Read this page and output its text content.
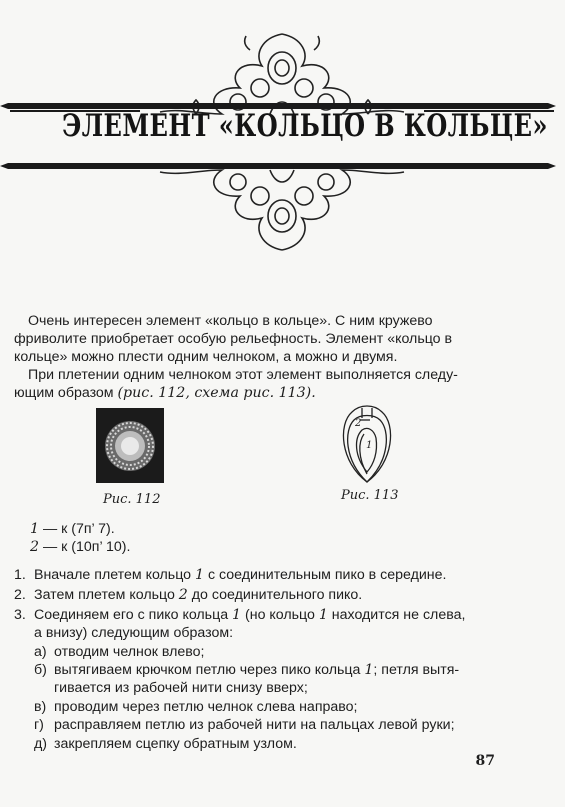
ЭЛЕМЕНТ «КОЛЬЦО В КОЛЬЦЕ»
Очень интересен элемент «кольцо в кольце». С ним кружево
фриволите приобретает особую рельефность. Элемент «кольцо в
кольце» можно плести одним челноком, а можно и двумя.
При плетении одним челноком этот элемент выполняется следу-
ющим образом (рис. 112, схема рис. 113).
Рис. 112
2
1
Рис. 113
1 — к (7п’ 7).
2 — к (10п’ 10).
1. Вначале плетем кольцо 1 с соединительным пико в середине.
2. Затем плетем кольцо 2 до соединительного пико.
3. Соединяем его с пико кольца 1 (но кольцо 1 находится не слева,
а внизу) следующим образом:
а) отводим челнок влево;
б) вытягиваем крючком петлю через пико кольца 1; петля вытя-
гивается из рабочей нити снизу вверх;
в) проводим через петлю челнок слева направо;
г) расправляем петлю из рабочей нити на пальцах левой руки;
д) закрепляем сцепку обратным узлом.
87
